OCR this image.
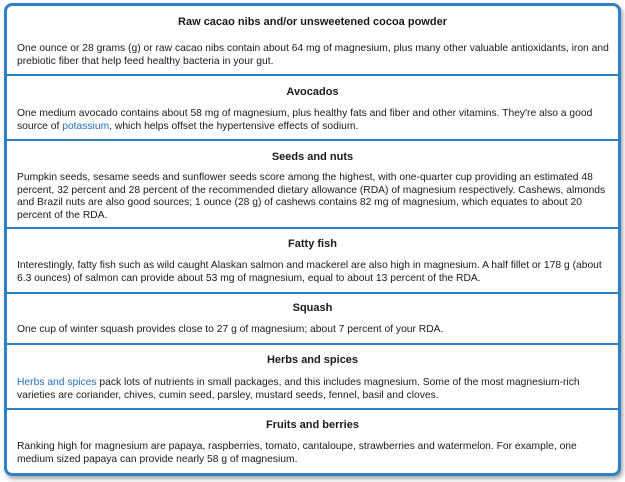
Raw cacao nibs and/or unsweetened cocoa powder

One ounce or 28 grams (g) or raw cacao nibs contain about 64 mg of magnesium, plus many other valuable antioxidants, iron and prebiotic fiber that help feed healthy bacteria in your gut.

Avocados

One medium avocado contains about 58 mg of magnesium, plus healthy fats and fiber and other vitamins. They're also a good source of potassium, which helps offset the hypertensive effects of sodium.

Seeds and nuts

Pumpkin seeds, sesame seeds and sunflower seeds score among the highest, with one-quarter cup providing an estimated 48 percent, 32 percent and 28 percent of the recommended dietary allowance (RDA) of magnesium respectively. Cashews, almonds and Brazil nuts are also good sources; 1 ounce (28 g) of cashews contains 82 mg of magnesium, which equates to about 20 percent of the RDA.

Fatty fish

Interestingly, fatty fish such as wild caught Alaskan salmon and mackerel are also high in magnesium. A half fillet or 178 g (about 6.3 ounces) of salmon can provide about 53 mg of magnesium, equal to about 13 percent of the RDA.

Squash

One cup of winter squash provides close to 27 g of magnesium; about 7 percent of your RDA.

Herbs and spices

Herbs and spices pack lots of nutrients in small packages, and this includes magnesium. Some of the most magnesium-rich varieties are coriander, chives, cumin seed, parsley, mustard seeds, fennel, basil and cloves.

Fruits and berries

Ranking high for magnesium are papaya, raspberries, tomato, cantaloupe, strawberries and watermelon. For example, one medium sized papaya can provide nearly 58 g of magnesium.
